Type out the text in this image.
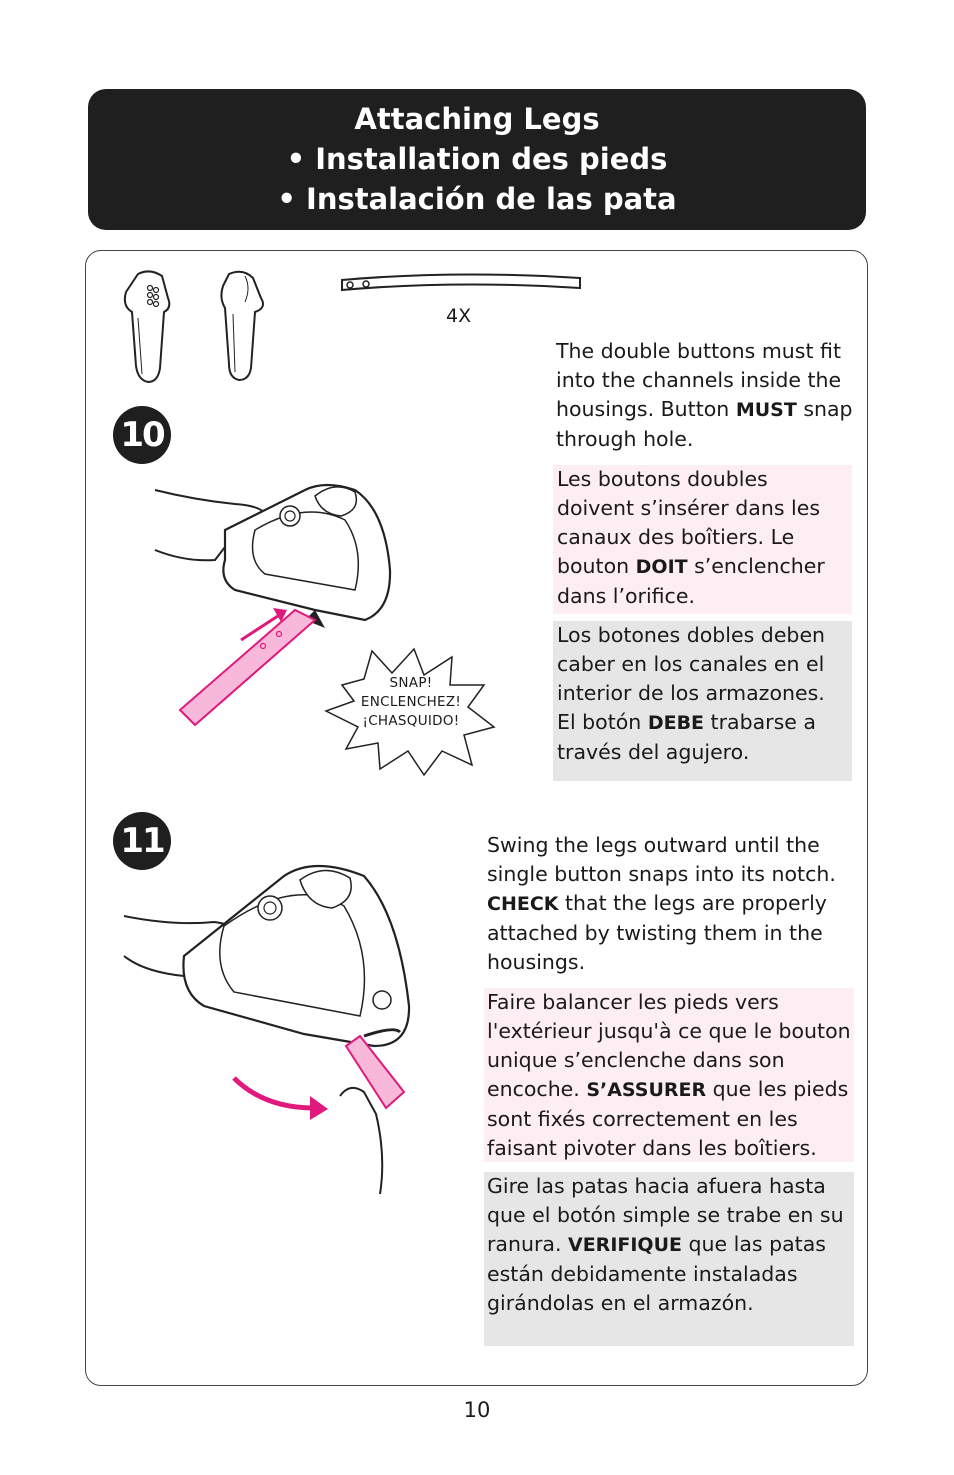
Attaching Legs
• Installation des pieds
• Instalación de las pata
4X
10
SNAP!
ENCLENCHEZ!
¡CHASQUIDO!
The double buttons must fit into the channels inside the housings. Button MUST snap through hole.
Les boutons doubles doivent s’insérer dans les canaux des boîtiers. Le bouton DOIT s’enclencher dans l’orifice.
Los botones dobles deben caber en los canales en el interior de los armazones. El botón DEBE trabarse a través del agujero.
11	Swing the legs outward until the single button snaps into its notch. CHECK that the legs are properly attached by twisting them in the housings.
Faire balancer les pieds vers l'extérieur jusqu'à ce que le bouton unique s’enclenche dans son encoche. S’ASSURER que les pieds sont fixés correctement en les faisant pivoter dans les boîtiers.
Gire las patas hacia afuera hasta que el botón simple se trabe en su ranura. VERIFIQUE que las patas están debidamente instaladas girándolas en el armazón.
10
